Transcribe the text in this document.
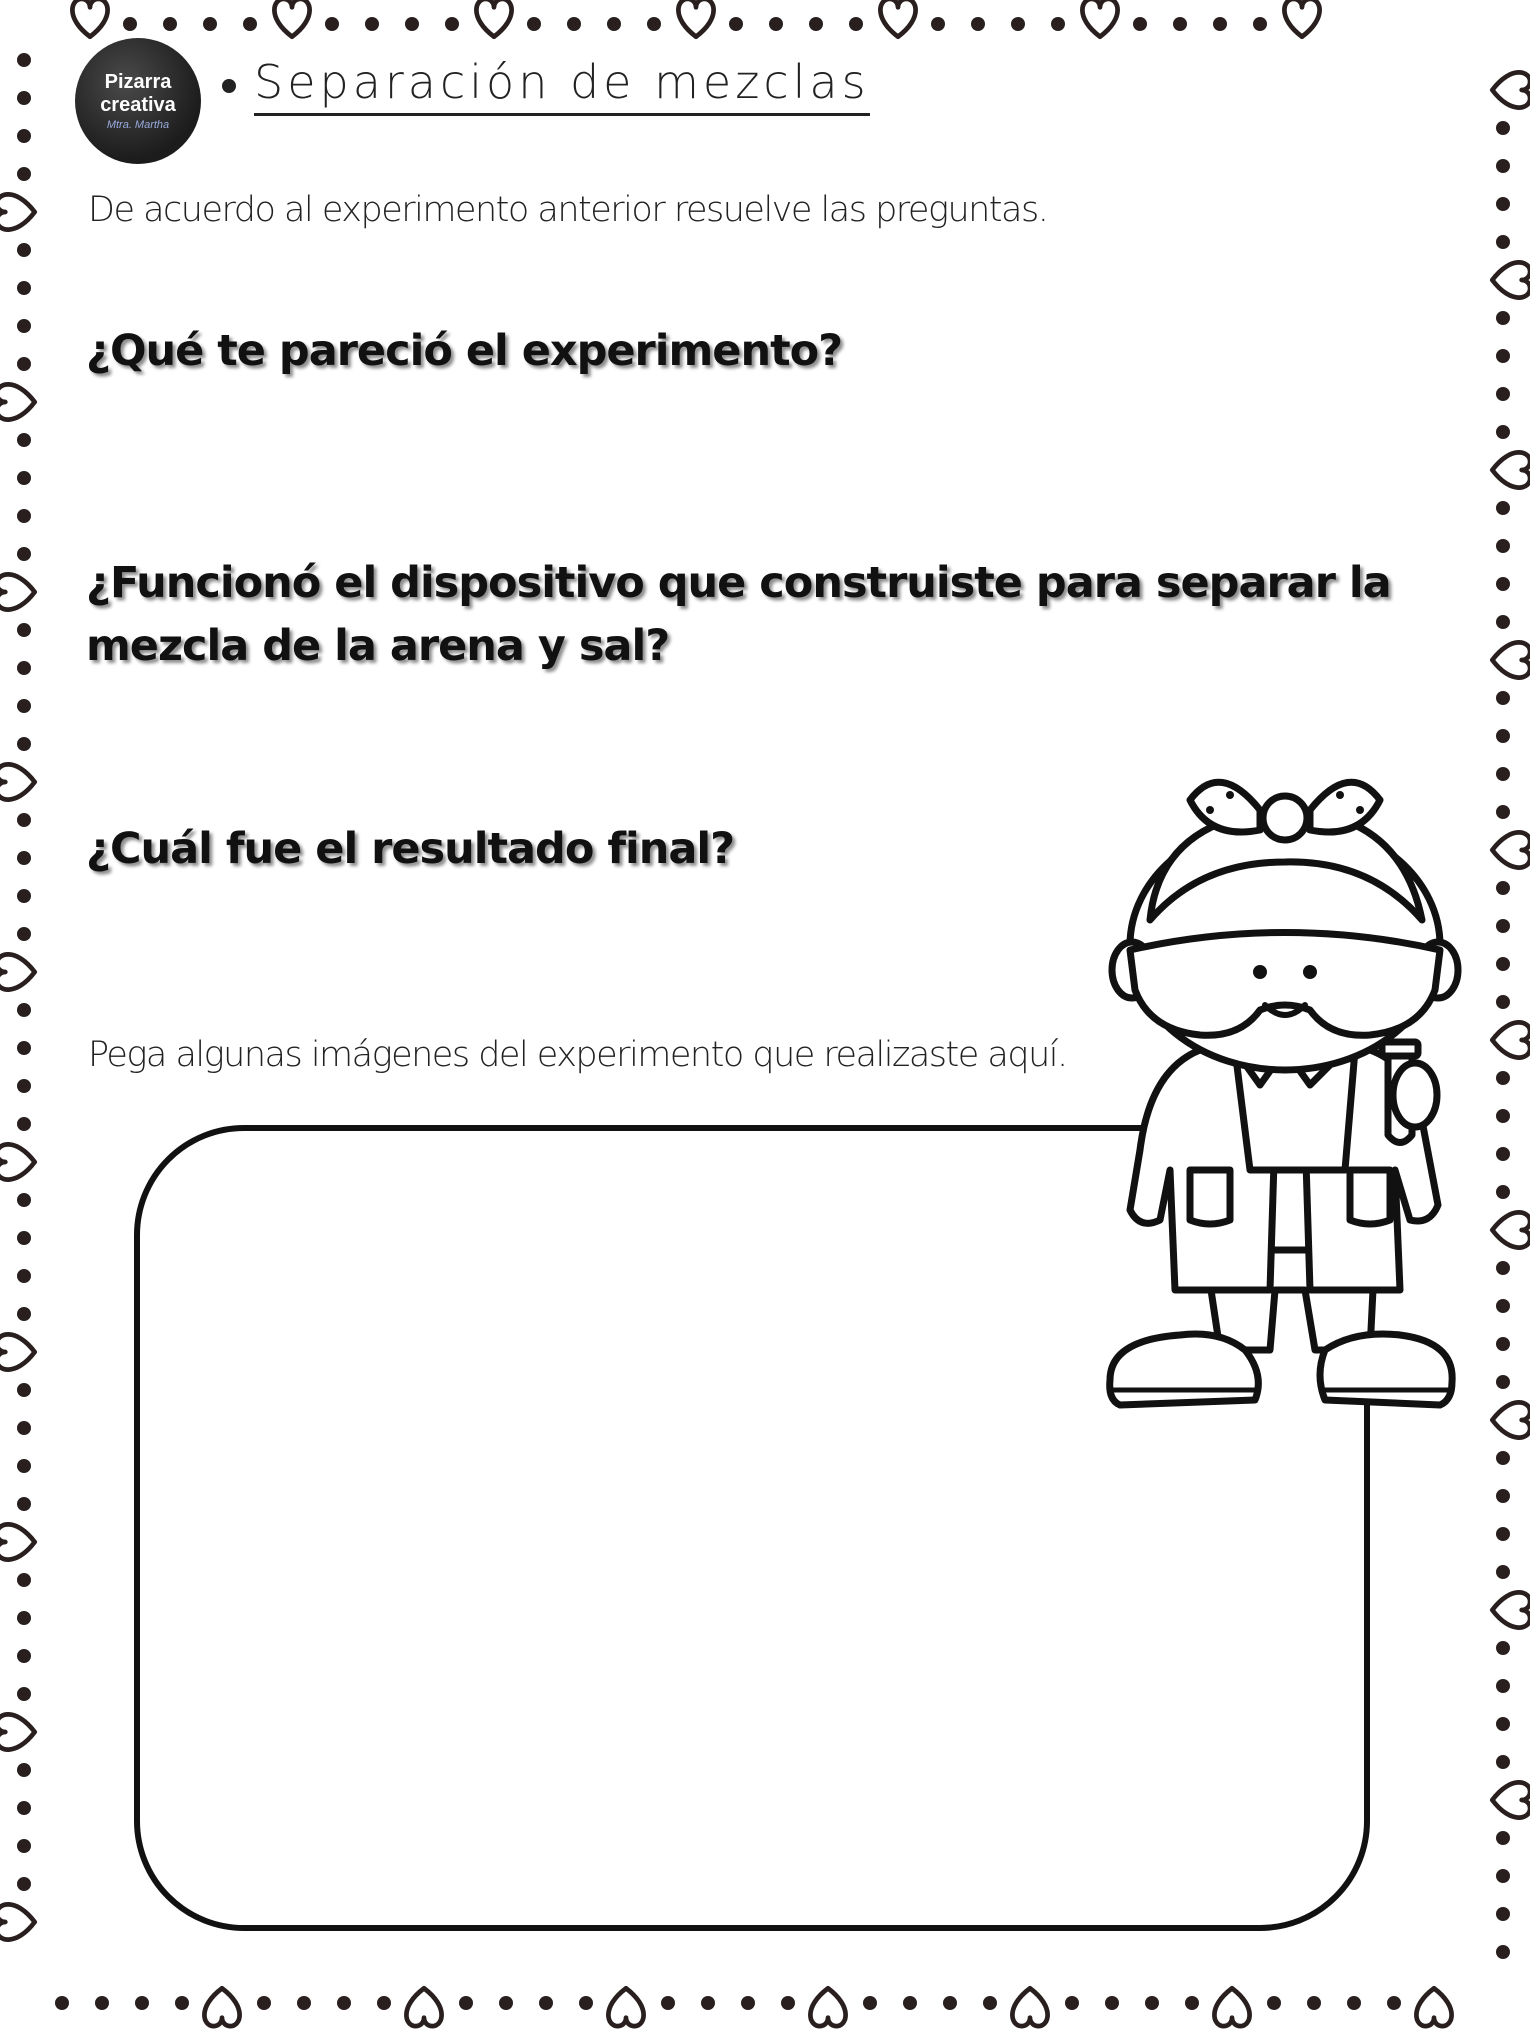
Pizarra
creativa
Mtra. Martha
Separación de mezclas
De acuerdo al experimento anterior resuelve las preguntas.
¿Qué te pareció el experimento?
¿Funcionó el dispositivo que construiste para separar la
mezcla de la arena y sal?
¿Cuál fue el resultado final?
Pega algunas imágenes del experimento que realizaste aquí.
